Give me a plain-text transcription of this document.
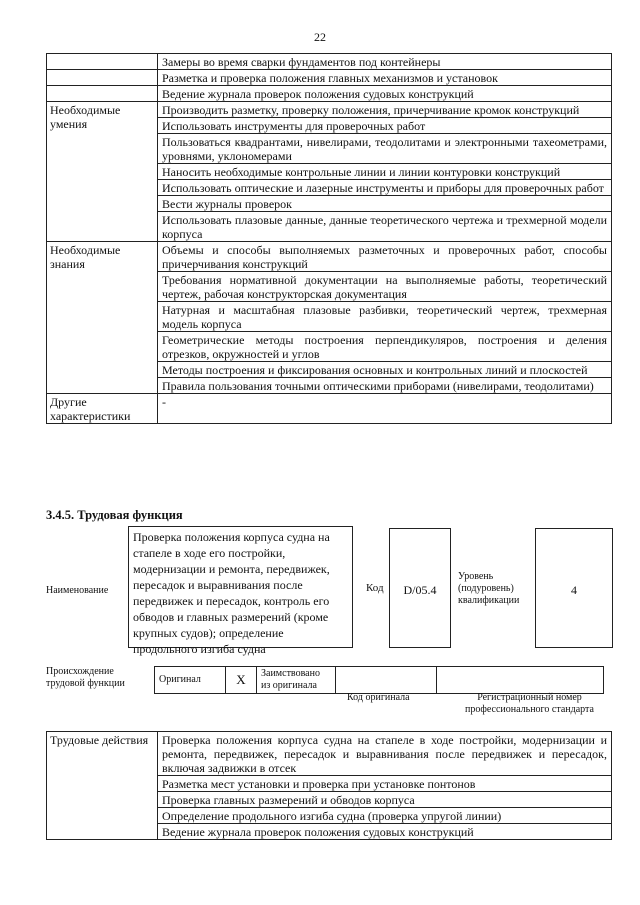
22
	Замеры во время сварки фундаментов под контейнеры
	Разметка и проверка положения главных механизмов и установок
	Ведение журнала проверок положения судовых конструкций
Необходимые умения	Производить разметку, проверку положения, причерчивание кромок конструкций
	Использовать инструменты для проверочных работ
	Пользоваться квадрантами, нивелирами, теодолитами и электронными тахеометрами, уровнями, уклономерами
	Наносить необходимые контрольные линии и линии контуровки конструкций
	Использовать оптические и лазерные инструменты и приборы для проверочных работ
	Вести журналы проверок
	Использовать плазовые данные, данные теоретического чертежа и трехмерной модели корпуса
Необходимые знания	Объемы и способы выполняемых разметочных и проверочных работ, способы причерчивания конструкций
	Требования нормативной документации на выполняемые работы, теоретический чертеж, рабочая конструкторская документация
	Натурная и масштабная плазовые разбивки, теоретический чертеж, трехмерная модель корпуса
	Геометрические методы построения перпендикуляров, построения и деления отрезков, окружностей и углов
	Методы построения и фиксирования основных и контрольных линий и плоскостей
	Правила пользования точными оптическими приборами (нивелирами, теодолитами)
Другие характеристики	-
3.4.5. Трудовая функция
Наименование
Проверка положения корпуса судна на стапеле в ходе его постройки, модернизации и ремонта, передвижек, пересадок и выравнивания после передвижек и пересадок, контроль его обводов и главных размерений (кроме крупных судов); определение продольного изгиба судна
Код	D/05.4
Уровень (подуровень) квалификации
4
Происхождение трудовой функции	Оригинал	X	Заимствовано из оригинала		
Код оригинала	Регистрационный номер профессионального стандарта
Трудовые действия	Проверка положения корпуса судна на стапеле в ходе постройки, модернизации и ремонта, передвижек, пересадок и выравнивания после передвижек и пересадок, включая задвижки в отсек
Разметка мест установки и проверка при установке понтонов
Проверка главных размерений и обводов корпуса
Определение продольного изгиба судна (проверка упругой линии)
Ведение журнала проверок положения судовых конструкций
